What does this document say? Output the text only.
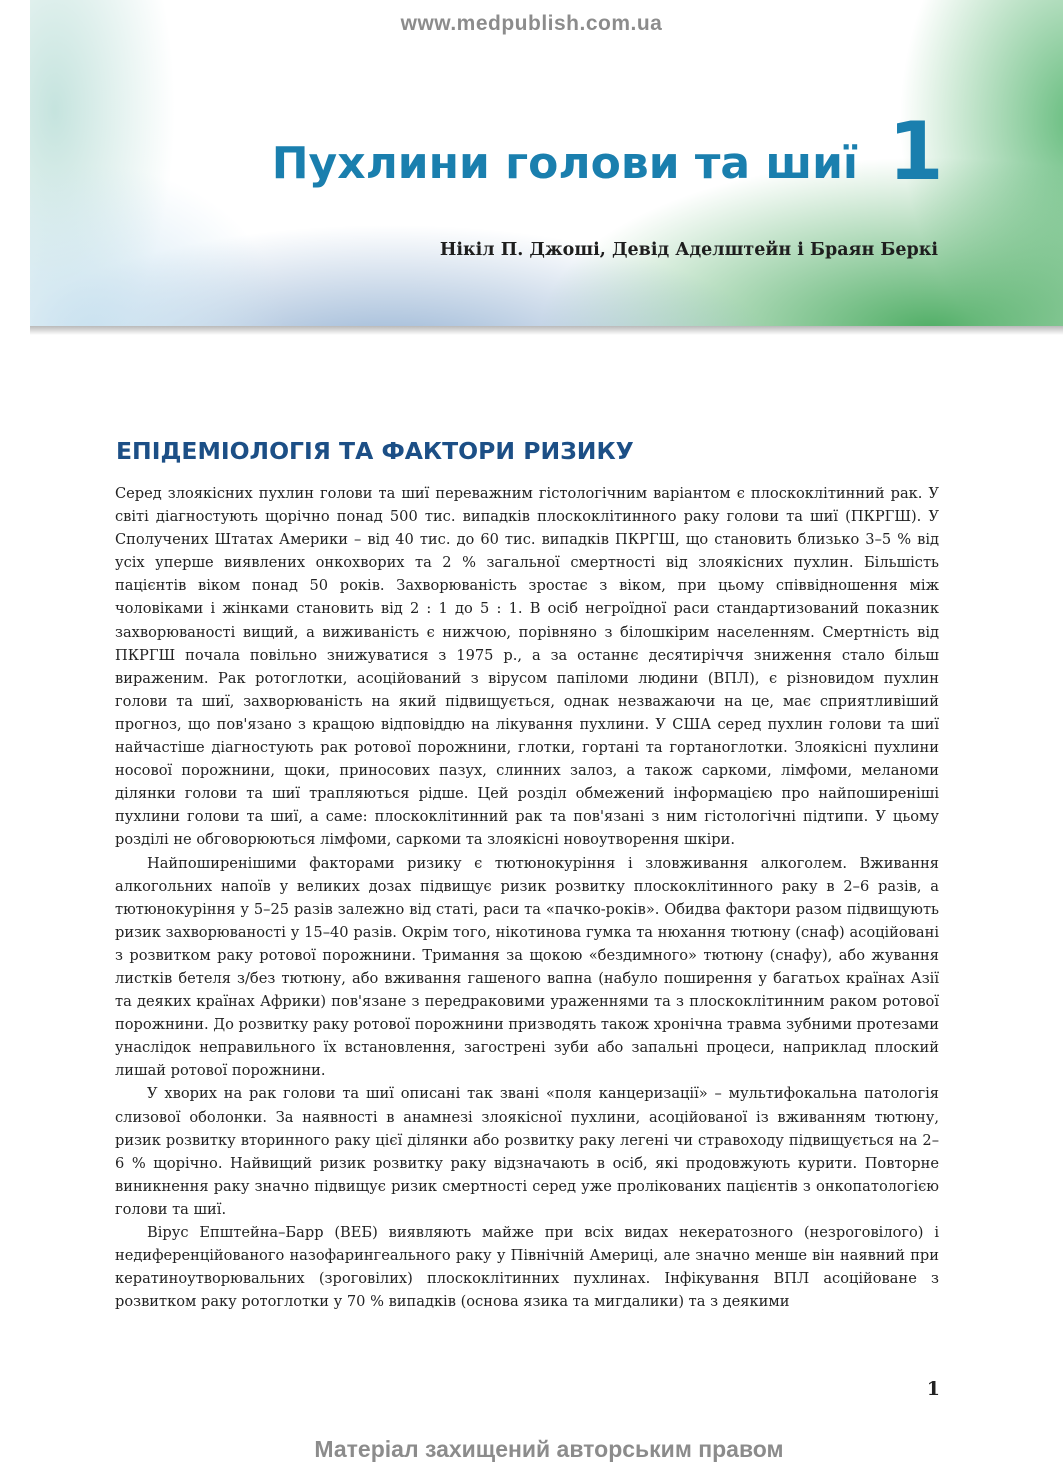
www.medpublish.com.ua
Пухлини голови та шиї 1
Нікіл П. Джоші, Девід Аделштейн і Браян Беркі
ЕПІДЕМІОЛОГІЯ ТА ФАКТОРИ РИЗИКУ

Серед злоякісних пухлин голови та шиї переважним гістологічним варіантом є плоскоклітинний рак. У світі діагностують щорічно понад 500 тис. випадків плоскоклітинного раку голови та шиї (ПКРГШ). У Сполучених Штатах Америки – від 40 тис. до 60 тис. випадків ПКРГШ, що становить близько 3–5 % від усіх уперше виявлених онкохворих та 2 % загальної смертності від злоякісних пухлин. Більшість пацієнтів віком понад 50 років. Захворюваність зростає з віком, при цьому співвідношення між чоловіками і жінками становить від 2 : 1 до 5 : 1. В осіб негроїдної раси стандартизований показник захворюваності вищий, а виживаність є нижчою, порівняно з білошкірим населенням. Смертність від ПКРГШ почала повільно знижуватися з 1975 р., а за останнє десятиріччя зниження стало більш вираженим. Рак ротоглотки, асоційований з вірусом папіломи людини (ВПЛ), є різновидом пухлин голови та шиї, захворюваність на який підвищується, однак незважаючи на це, має сприятливіший прогноз, що пов'язано з кращою відповіддю на лікування пухлини. У США серед пухлин голови та шиї найчастіше діагностують рак ротової порожнини, глотки, гортані та гортаноглотки. Злоякісні пухлини носової порожнини, щоки, приносових пазух, слинних залоз, а також саркоми, лімфоми, меланоми ділянки голови та шиї трапляються рідше. Цей розділ обмежений інформацією про найпоширеніші пухлини голови та шиї, а саме: плоскоклітинний рак та пов'язані з ним гістологічні підтипи. У цьому розділі не обговорюються лімфоми, саркоми та злоякісні новоутворення шкіри.

Найпоширенішими факторами ризику є тютюнокуріння і зловживання алкоголем. Вживання алкогольних напоїв у великих дозах підвищує ризик розвитку плоскоклітинного раку в 2–6 разів, а тютюнокуріння у 5–25 разів залежно від статі, раси та «пачко-років». Обидва фактори разом підвищують ризик захворюваності у 15–40 разів. Окрім того, нікотинова гумка та нюхання тютюну (снаф) асоційовані з розвитком раку ротової порожнини. Тримання за щокою «бездимного» тютюну (снафу), або жування листків бетеля з/без тютюну, або вживання гашеного вапна (набуло поширення у багатьох країнах Азії та деяких країнах Африки) пов'язане з передраковими ураженнями та з плоскоклітинним раком ротової порожнини. До розвитку раку ротової порожнини призводять також хронічна травма зубними протезами унаслідок неправильного їх встановлення, загострені зуби або запальні процеси, наприклад плоский лишай ротової порожнини.

У хворих на рак голови та шиї описані так звані «поля канцеризації» – мультифокальна патологія слизової оболонки. За наявності в анамнезі злоякісної пухлини, асоційованої із вживанням тютюну, ризик розвитку вторинного раку цієї ділянки або розвитку раку легені чи стравоходу підвищується на 2–6 % щорічно. Найвищий ризик розвитку раку відзначають в осіб, які продовжують курити. Повторне виникнення раку значно підвищує ризик смертності серед уже пролікованих пацієнтів з онкопатологією голови та шиї.

Вірус Епштейна–Барр (ВЕБ) виявляють майже при всіх видах некератозного (незроговілого) і недиференційованого назофарингеального раку у Північній Америці, але значно менше він наявний при кератиноутворювальних (зроговілих) плоскоклітинних пухлинах. Інфікування ВПЛ асоційоване з розвитком раку ротоглотки у 70 % випадків (основа язика та мигдалики) та з деякими

1
Матеріал захищений авторським правом
